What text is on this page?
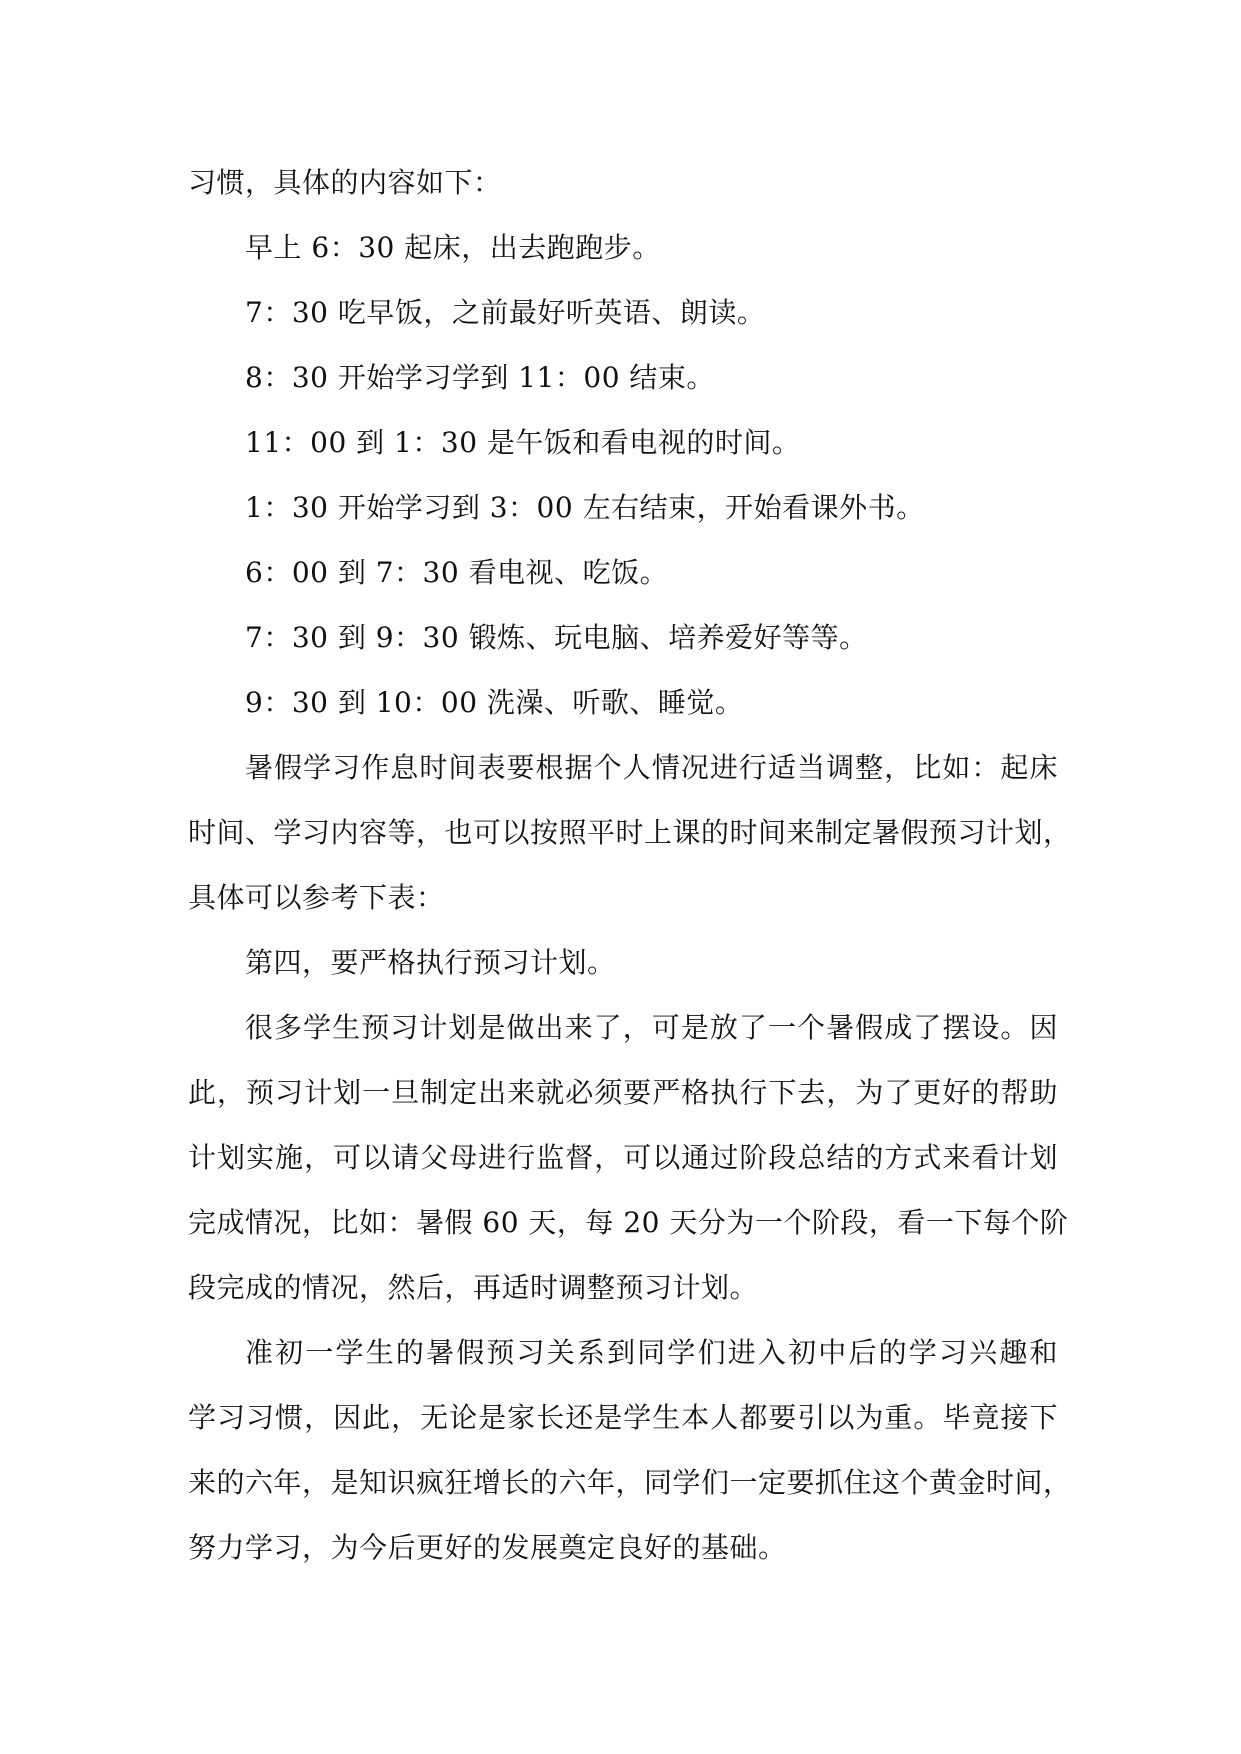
习惯，具体的内容如下：
早上 6：30 起床，出去跑跑步。
7：30 吃早饭，之前最好听英语、朗读。
8：30 开始学习学到 11：00 结束。
11：00 到 1：30 是午饭和看电视的时间。
1：30 开始学习到 3：00 左右结束，开始看课外书。
6：00 到 7：30 看电视、吃饭。
7：30 到 9：30 锻炼、玩电脑、培养爱好等等。
9：30 到 10：00 洗澡、听歌、睡觉。
暑假学习作息时间表要根据个人情况进行适当调整，比如：起床
时间、学习内容等，也可以按照平时上课的时间来制定暑假预习计划，
具体可以参考下表：
第四，要严格执行预习计划。
很多学生预习计划是做出来了，可是放了一个暑假成了摆设。因
此，预习计划一旦制定出来就必须要严格执行下去，为了更好的帮助
计划实施，可以请父母进行监督，可以通过阶段总结的方式来看计划
完成情况，比如：暑假 60 天，每 20 天分为一个阶段，看一下每个阶
段完成的情况，然后，再适时调整预习计划。
准初一学生的暑假预习关系到同学们进入初中后的学习兴趣和
学习习惯，因此，无论是家长还是学生本人都要引以为重。毕竟接下
来的六年，是知识疯狂增长的六年，同学们一定要抓住这个黄金时间，
努力学习，为今后更好的发展奠定良好的基础。
